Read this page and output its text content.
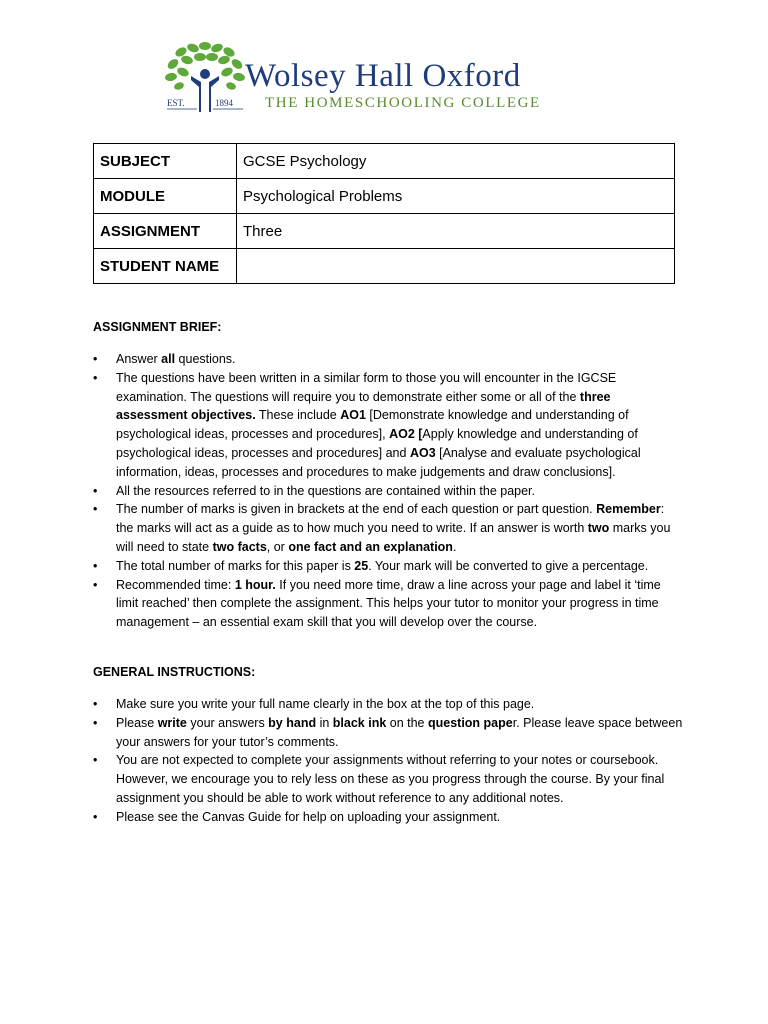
EST.	1894
Wolsey Hall Oxford
THE HOMESCHOOLING COLLEGE
SUBJECT	GCSE Psychology
MODULE	Psychological Problems
ASSIGNMENT	Three
STUDENT NAME	
ASSIGNMENT BRIEF:
• Answer all questions.
• The questions have been written in a similar form to those you will encounter in the IGCSE examination. The questions will require you to demonstrate either some or all of the three assessment objectives. These include AO1 [Demonstrate knowledge and understanding of psychological ideas, processes and procedures], AO2 [Apply knowledge and understanding of psychological ideas, processes and procedures] and AO3 [Analyse and evaluate psychological information, ideas, processes and procedures to make judgements and draw conclusions].
• All the resources referred to in the questions are contained within the paper.
• The number of marks is given in brackets at the end of each question or part question. Remember: the marks will act as a guide as to how much you need to write. If an answer is worth two marks you will need to state two facts, or one fact and an explanation.
• The total number of marks for this paper is 25. Your mark will be converted to give a percentage.
• Recommended time: 1 hour. If you need more time, draw a line across your page and label it ‘time limit reached’ then complete the assignment. This helps your tutor to monitor your progress in time management – an essential exam skill that you will develop over the course.
GENERAL INSTRUCTIONS:
• Make sure you write your full name clearly in the box at the top of this page.
• Please write your answers by hand in black ink on the question paper. Please leave space between your answers for your tutor’s comments.
• You are not expected to complete your assignments without referring to your notes or coursebook. However, we encourage you to rely less on these as you progress through the course. By your final assignment you should be able to work without reference to any additional notes.
• Please see the Canvas Guide for help on uploading your assignment.
